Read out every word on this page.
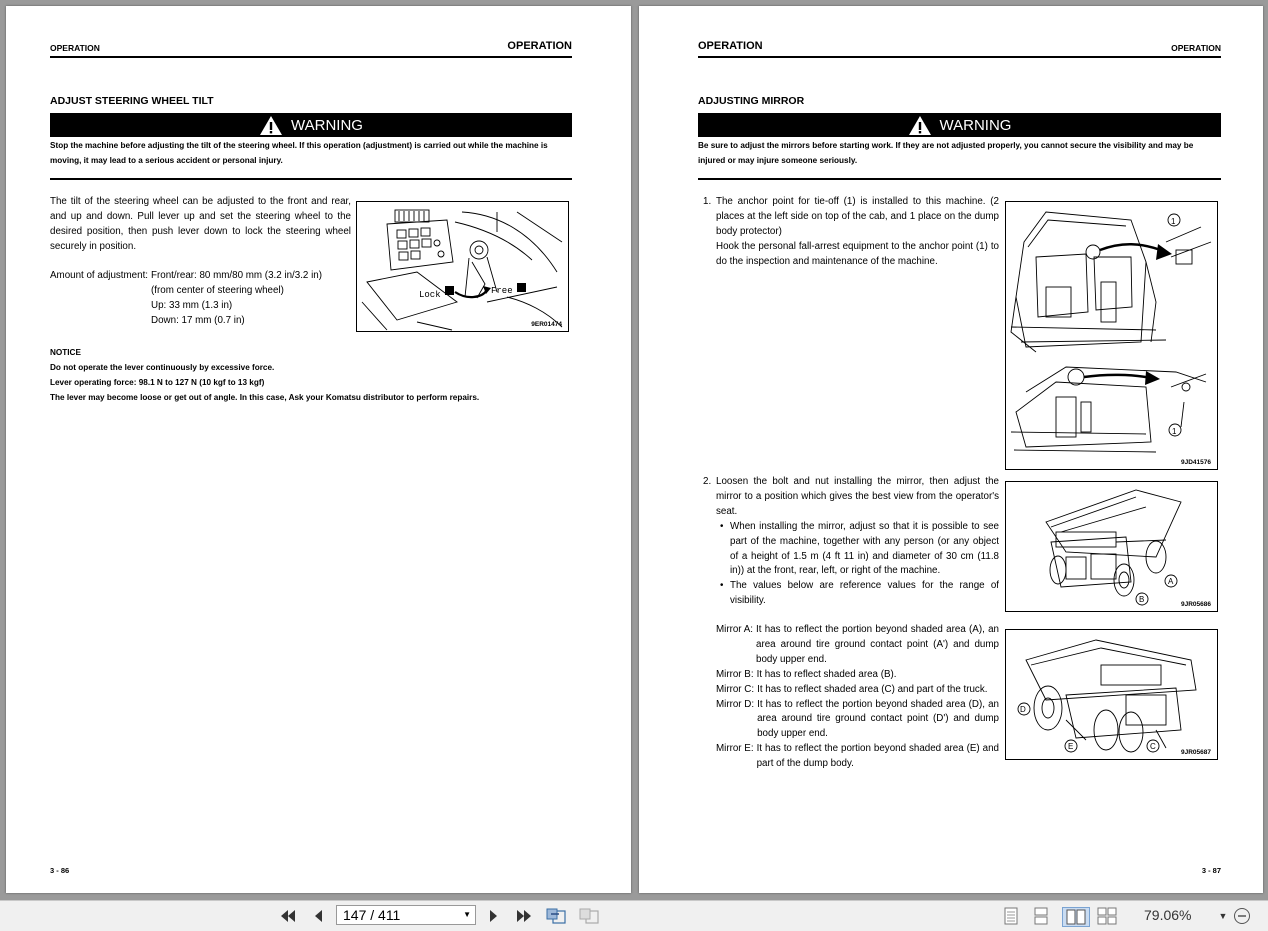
OPERATION	OPERATION
ADJUST STEERING WHEEL TILT
WARNING
Stop the machine before adjusting the tilt of the steering wheel. If this operation (adjustment) is carried out while the machine is moving, it may lead to a serious accident or personal injury.
The tilt of the steering wheel can be adjusted to the front and rear, and up and down. Pull lever up and set the steering wheel to the desired position, then push lever down to lock the steering wheel securely in position.
Amount of adjustment: Front/rear: 80 mm/80 mm (3.2 in/3.2 in)
(from center of steering wheel)
Up: 33 mm (1.3 in)
Down: 17 mm (0.7 in)
Lock	Free
9ER01474
NOTICE
Do not operate the lever continuously by excessive force.
Lever operating force: 98.1 N to 127 N (10 kgf to 13 kgf)
The lever may become loose or get out of angle. In this case, Ask your Komatsu distributor to perform repairs.
3 - 86
OPERATION	OPERATION
ADJUSTING MIRROR
WARNING
Be sure to adjust the mirrors before starting work. If they are not adjusted properly, you cannot secure the visibility and may be injured or may injure someone seriously.
1. The anchor point for tie-off (1) is installed to this machine. (2 places at the left side on top of the cab, and 1 place on the dump body protector)
Hook the personal fall-arrest equipment to the anchor point (1) to do the inspection and maintenance of the machine.
1
1
9JD41576
2. Loosen the bolt and nut installing the mirror, then adjust the mirror to a position which gives the best view from the operator's seat.
• When installing the mirror, adjust so that it is possible to see part of the machine, together with any person (or any object of a height of 1.5 m (4 ft 11 in) and diameter of 30 cm (11.8 in)) at the front, rear, left, or right of the machine.
• The values below are reference values for the range of visibility.
A
B
9JR05686
Mirror A: It has to reflect the portion beyond shaded area (A), an area around tire ground contact point (A') and dump body upper end.
Mirror B: It has to reflect shaded area (B).
Mirror C: It has to reflect shaded area (C) and part of the truck.
Mirror D: It has to reflect the portion beyond shaded area (D), an area around tire ground contact point (D') and dump body upper end.
Mirror E: It has to reflect the portion beyond shaded area (E) and part of the dump body.
D
E	C
9JR05687
3 - 87
147 / 411	▼	79.06%	▼
